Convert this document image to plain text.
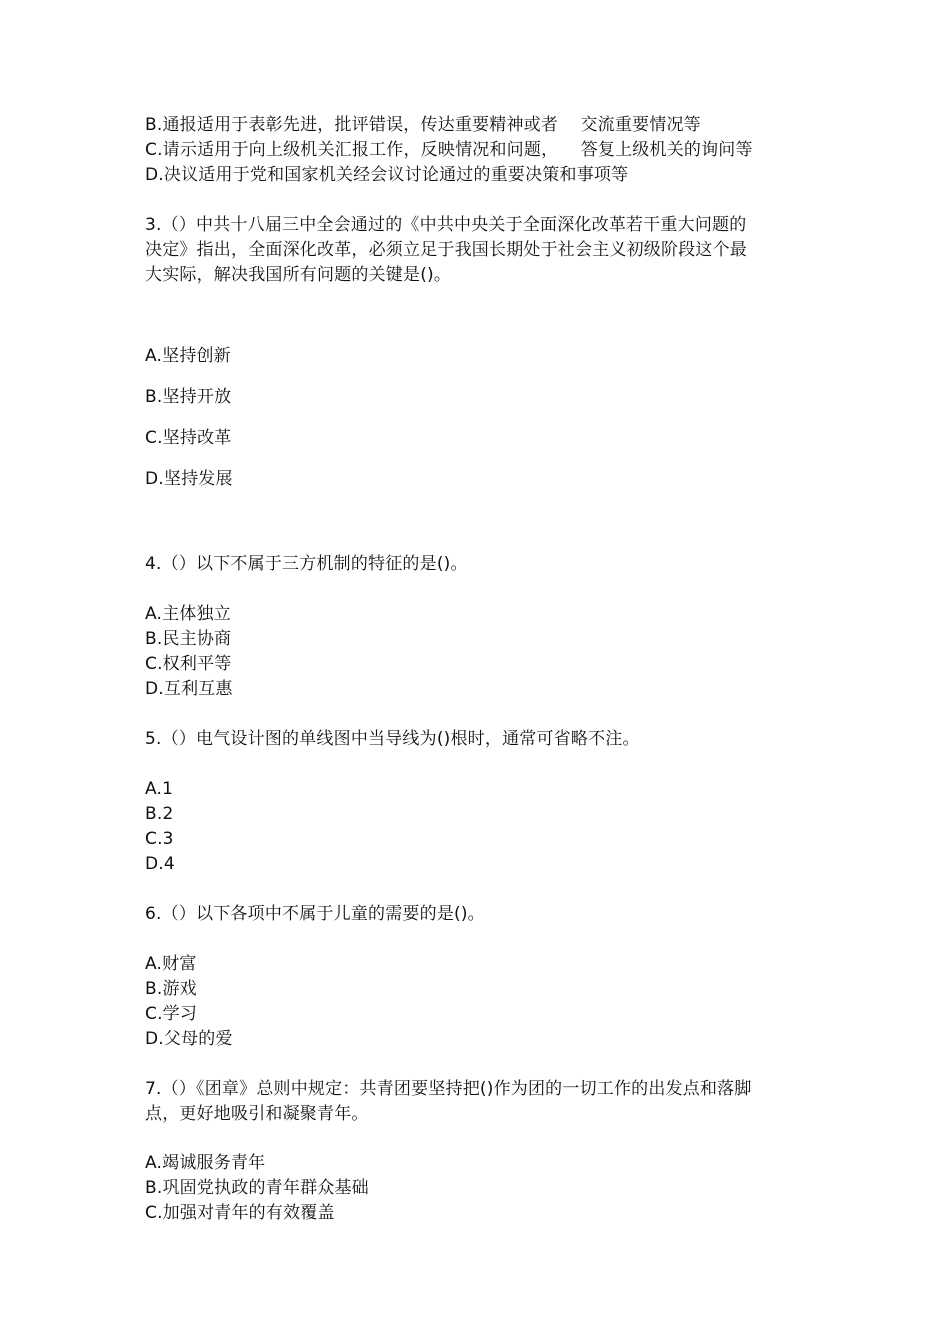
B.通报适用于表彰先进，批评错误，传达重要精神或者    交流重要情况等
C.请示适用于向上级机关汇报工作，反映情况和问题，    答复上级机关的询问等
D.决议适用于党和国家机关经会议讨论通过的重要决策和事项等
3.（）中共十八届三中全会通过的《中共中央关于全面深化改革若干重大问题的
决定》指出，全面深化改革，必须立足于我国长期处于社会主义初级阶段这个最
大实际，解决我国所有问题的关键是()。
A.坚持创新
B.坚持开放
C.坚持改革
D.坚持发展
4.（）以下不属于三方机制的特征的是()。
A.主体独立
B.民主协商
C.权利平等
D.互利互惠
5.（）电气设计图的单线图中当导线为()根时，通常可省略不注。
A.1
B.2
C.3
D.4
6.（）以下各项中不属于儿童的需要的是()。
A.财富
B.游戏
C.学习
D.父母的爱
7.（）《团章》总则中规定：共青团要坚持把()作为团的一切工作的出发点和落脚
点，更好地吸引和凝聚青年。
A.竭诚服务青年
B.巩固党执政的青年群众基础
C.加强对青年的有效覆盖
